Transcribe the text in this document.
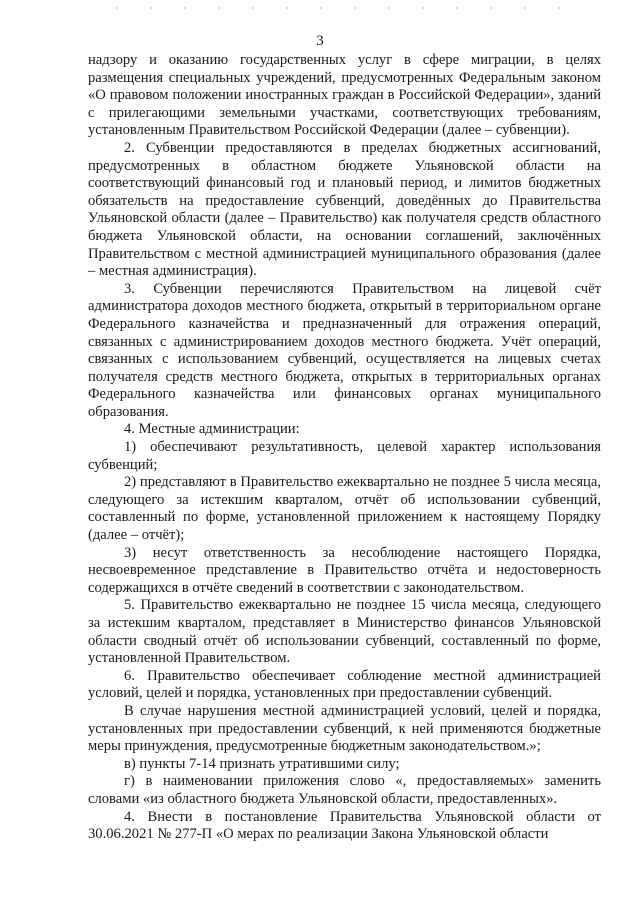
3

надзору и оказанию государственных услуг в сфере миграции, в целях размещения специальных учреждений, предусмотренных Федеральным законом «О правовом положении иностранных граждан в Российской Федерации», зданий с прилегающими земельными участками, соответствующих требованиям, установленным Правительством Российской Федерации (далее – субвенции).

2. Субвенции предоставляются в пределах бюджетных ассигнований, предусмотренных в областном бюджете Ульяновской области на соответствующий финансовый год и плановый период, и лимитов бюджетных обязательств на предоставление субвенций, доведённых до Правительства Ульяновской области (далее – Правительство) как получателя средств областного бюджета Ульяновской области, на основании соглашений, заключённых Правительством с местной администрацией муниципального образования (далее – местная администрация).

3. Субвенции перечисляются Правительством на лицевой счёт администратора доходов местного бюджета, открытый в территориальном органе Федерального казначейства и предназначенный для отражения операций, связанных с администрированием доходов местного бюджета. Учёт операций, связанных с использованием субвенций, осуществляется на лицевых счетах получателя средств местного бюджета, открытых в территориальных органах Федерального казначейства или финансовых органах муниципального образования.

4. Местные администрации:

1) обеспечивают результативность, целевой характер использования субвенций;

2) представляют в Правительство ежеквартально не позднее 5 числа месяца, следующего за истекшим кварталом, отчёт об использовании субвенций, составленный по форме, установленной приложением к настоящему Порядку (далее – отчёт);

3) несут ответственность за несоблюдение настоящего Порядка, несвоевременное представление в Правительство отчёта и недостоверность содержащихся в отчёте сведений в соответствии с законодательством.

5. Правительство ежеквартально не позднее 15 числа месяца, следующего за истекшим кварталом, представляет в Министерство финансов Ульяновской области сводный отчёт об использовании субвенций, составленный по форме, установленной Правительством.

6. Правительство обеспечивает соблюдение местной администрацией условий, целей и порядка, установленных при предоставлении субвенций.

В случае нарушения местной администрацией условий, целей и порядка, установленных при предоставлении субвенций, к ней применяются бюджетные меры принуждения, предусмотренные бюджетным законодательством.»;

в) пункты 7-14 признать утратившими силу;

г) в наименовании приложения слово «, предоставляемых» заменить словами «из областного бюджета Ульяновской области, предоставленных».

4. Внести в постановление Правительства Ульяновской области от 30.06.2021 № 277-П «О мерах по реализации Закона Ульяновской области
